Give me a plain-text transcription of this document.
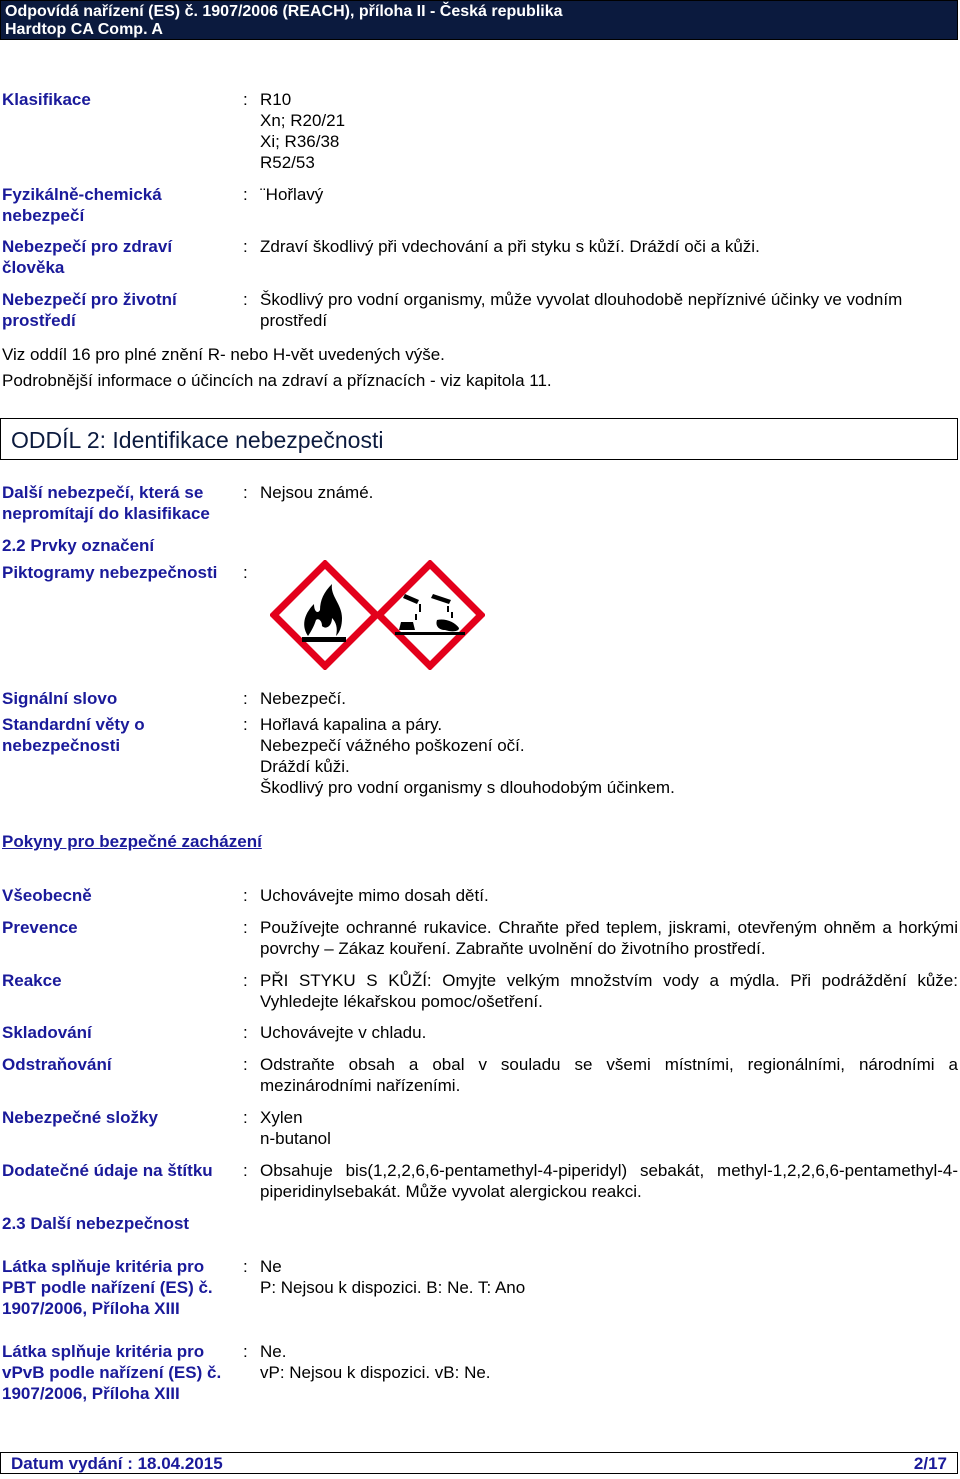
Odpovídá nařízení (ES) č. 1907/2006 (REACH), příloha II - Česká republika
Hardtop CA Comp. A
Klasifikace	: R10
Xn; R20/21
Xi; R36/38
R52/53
Fyzikálně-chemická nebezpečí
: ¨Hořlavý
Nebezpečí pro zdraví člověka
: Zdraví škodlivý při vdechování a při styku s kůží. Dráždí oči a kůži.
Nebezpečí pro životní prostředí
: Škodlivý pro vodní organismy, může vyvolat dlouhodobě nepříznivé účinky ve vodním prostředí
Viz oddíl 16 pro plné znění R- nebo H-vět uvedených výše.
Podrobnější informace o účincích na zdraví a příznacích - viz kapitola 11.
ODDÍL 2: Identifikace nebezpečnosti
Další nebezpečí, která se nepromítají do klasifikace
: Nejsou známé.
2.2 Prvky označení
Piktogramy nebezpečnosti :
Signální slovo	: Nebezpečí.
Standardní věty o nebezpečnosti
: Hořlavá kapalina a páry.
Nebezpečí vážného poškození očí.
Dráždí kůži.
Škodlivý pro vodní organismy s dlouhodobým účinkem.
Pokyny pro bezpečné zacházení
Všeobecně	: Uchovávejte mimo dosah dětí.
Prevence	: Používejte ochranné rukavice. Chraňte před teplem, jiskrami, otevřeným ohněm a horkými povrchy – Zákaz kouření. Zabraňte uvolnění do životního prostředí.
Reakce	: PŘI STYKU S KŮŽÍ: Omyjte velkým množstvím vody a mýdla. Při podráždění kůže: Vyhledejte lékařskou pomoc/ošetření.
Skladování	: Uchovávejte v chladu.
Odstraňování	: Odstraňte obsah a obal v souladu se všemi místními, regionálními, národními a mezinárodními nařízeními.
Nebezpečné složky	: Xylen
n-butanol
Dodatečné údaje na štítku : Obsahuje bis(1,2,2,6,6-pentamethyl-4-piperidyl) sebakát, methyl-1,2,2,6,6-pentamethyl-4-piperidinylsebakát. Může vyvolat alergickou reakci.
2.3 Další nebezpečnost
Látka splňuje kritéria pro PBT podle nařízení (ES) č. 1907/2006, Příloha XIII
: Ne
P: Nejsou k dispozici. B: Ne. T: Ano
Látka splňuje kritéria pro vPvB podle nařízení (ES) č. 1907/2006, Příloha XIII
: Ne.
vP: Nejsou k dispozici. vB: Ne.
Datum vydání : 18.04.2015	2/17
